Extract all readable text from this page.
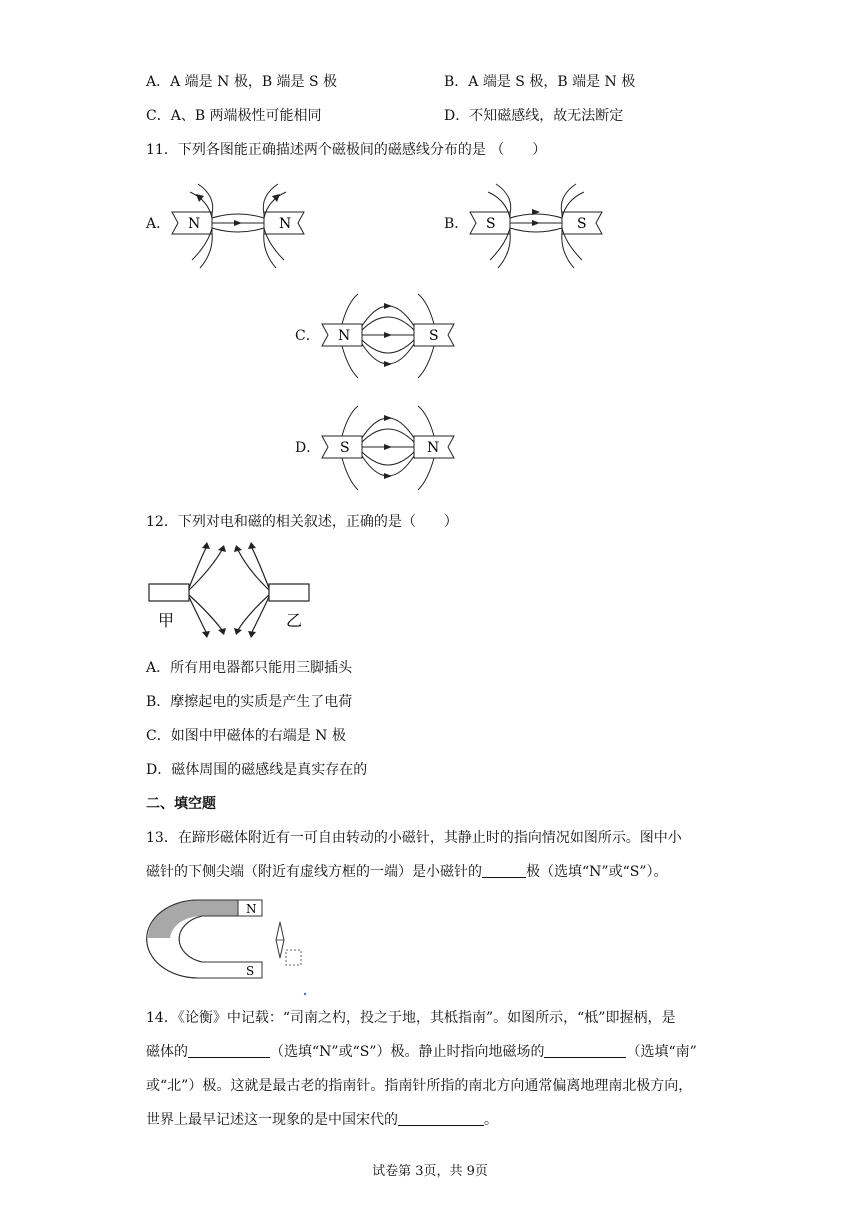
A．A 端是 N 极，B 端是 S 极	B．A 端是 S 极，B 端是 N 极
C．A、B 两端极性可能相同	D．不知磁感线，故无法断定
11．下列各图能正确描述两个磁极间的磁感线分布的是 （　　）
A． N	N	B． S	S
C． N	S
D． S	N
12．下列对电和磁的相关叙述，正确的是（　　）
甲	乙
A．所有用电器都只能用三脚插头
B．摩擦起电的实质是产生了电荷
C．如图中甲磁体的右端是 N 极
D．磁体周围的磁感线是真实存在的
二、填空题
13．在蹄形磁体附近有一可自由转动的小磁针，其静止时的指向情况如图所示。图中小
磁针的下侧尖端（附近有虚线方框的一端）是小磁针的	极（选填“N”或“S”）。
N
S
14．《论衡》中记载：“司南之杓，投之于地，其柢指南”。如图所示，“柢”即握柄，是
磁体的	（选填“N”或“S”）极。静止时指向地磁场的	（选填“南”
或“北”）极。这就是最古老的指南针。指南针所指的南北方向通常偏离地理南北极方向，
世界上最早记述这一现象的是中国宋代的	。
试卷第 3页，共 9页
